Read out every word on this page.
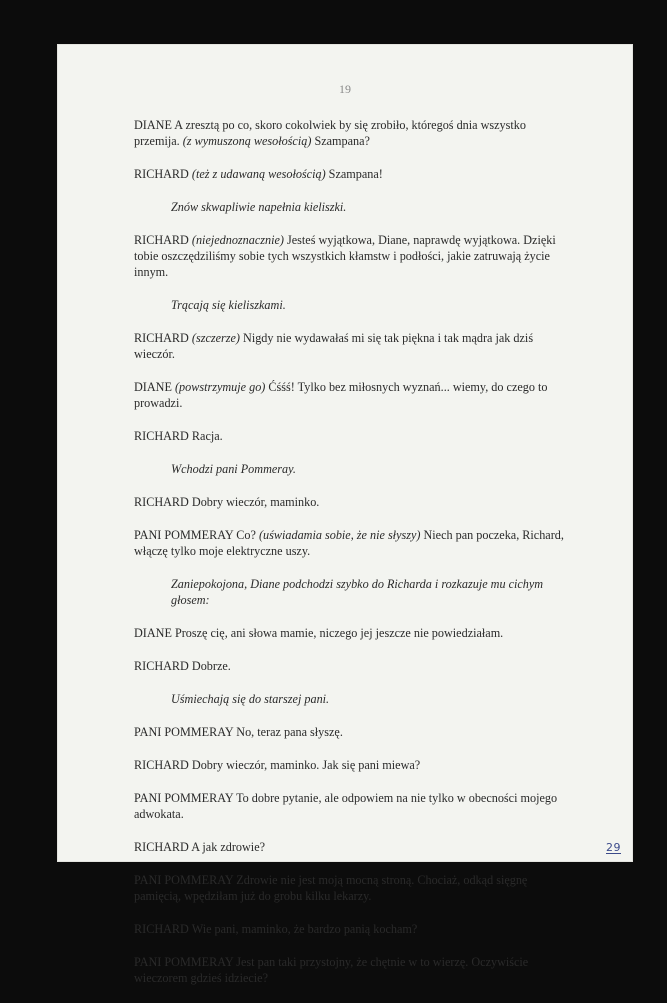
19

DIANE A zresztą po co, skoro cokolwiek by się zrobiło, któregoś dnia wszystko przemija. (z wymuszoną wesołością) Szampana?

RICHARD (też z udawaną wesołością) Szampana!

Znów skwapliwie napełnia kieliszki.

RICHARD (niejednoznacznie) Jesteś wyjątkowa, Diane, naprawdę wyjątkowa. Dzięki tobie oszczędziliśmy sobie tych wszystkich kłamstw i podłości, jakie zatruwają życie innym.

Trącają się kieliszkami.

RICHARD (szczerze) Nigdy nie wydawałaś mi się tak piękna i tak mądra jak dziś wieczór.

DIANE (powstrzymuje go) Ćśśś! Tylko bez miłosnych wyznań... wiemy, do czego to prowadzi.

RICHARD Racja.

Wchodzi pani Pommeray.

RICHARD Dobry wieczór, maminko.

PANI POMMERAY Co? (uświadamia sobie, że nie słyszy) Niech pan poczeka, Richard, włączę tylko moje elektryczne uszy.

Zaniepokojona, Diane podchodzi szybko do Richarda i rozkazuje mu cichym głosem:

DIANE Proszę cię, ani słowa mamie, niczego jej jeszcze nie powiedziałam.

RICHARD Dobrze.

Uśmiechają się do starszej pani.

PANI POMMERAY No, teraz pana słyszę.

RICHARD Dobry wieczór, maminko. Jak się pani miewa?

PANI POMMERAY To dobre pytanie, ale odpowiem na nie tylko w obecności mojego adwokata.

RICHARD A jak zdrowie?

PANI POMMERAY Zdrowie nie jest moją mocną stroną. Chociaż, odkąd sięgnę pamięcią, wpędziłam już do grobu kilku lekarzy.

RICHARD Wie pani, maminko, że bardzo panią kocham?

PANI POMMERAY Jest pan taki przystojny, że chętnie w to wierzę. Oczywiście wieczorem gdzieś idziecie?

29
